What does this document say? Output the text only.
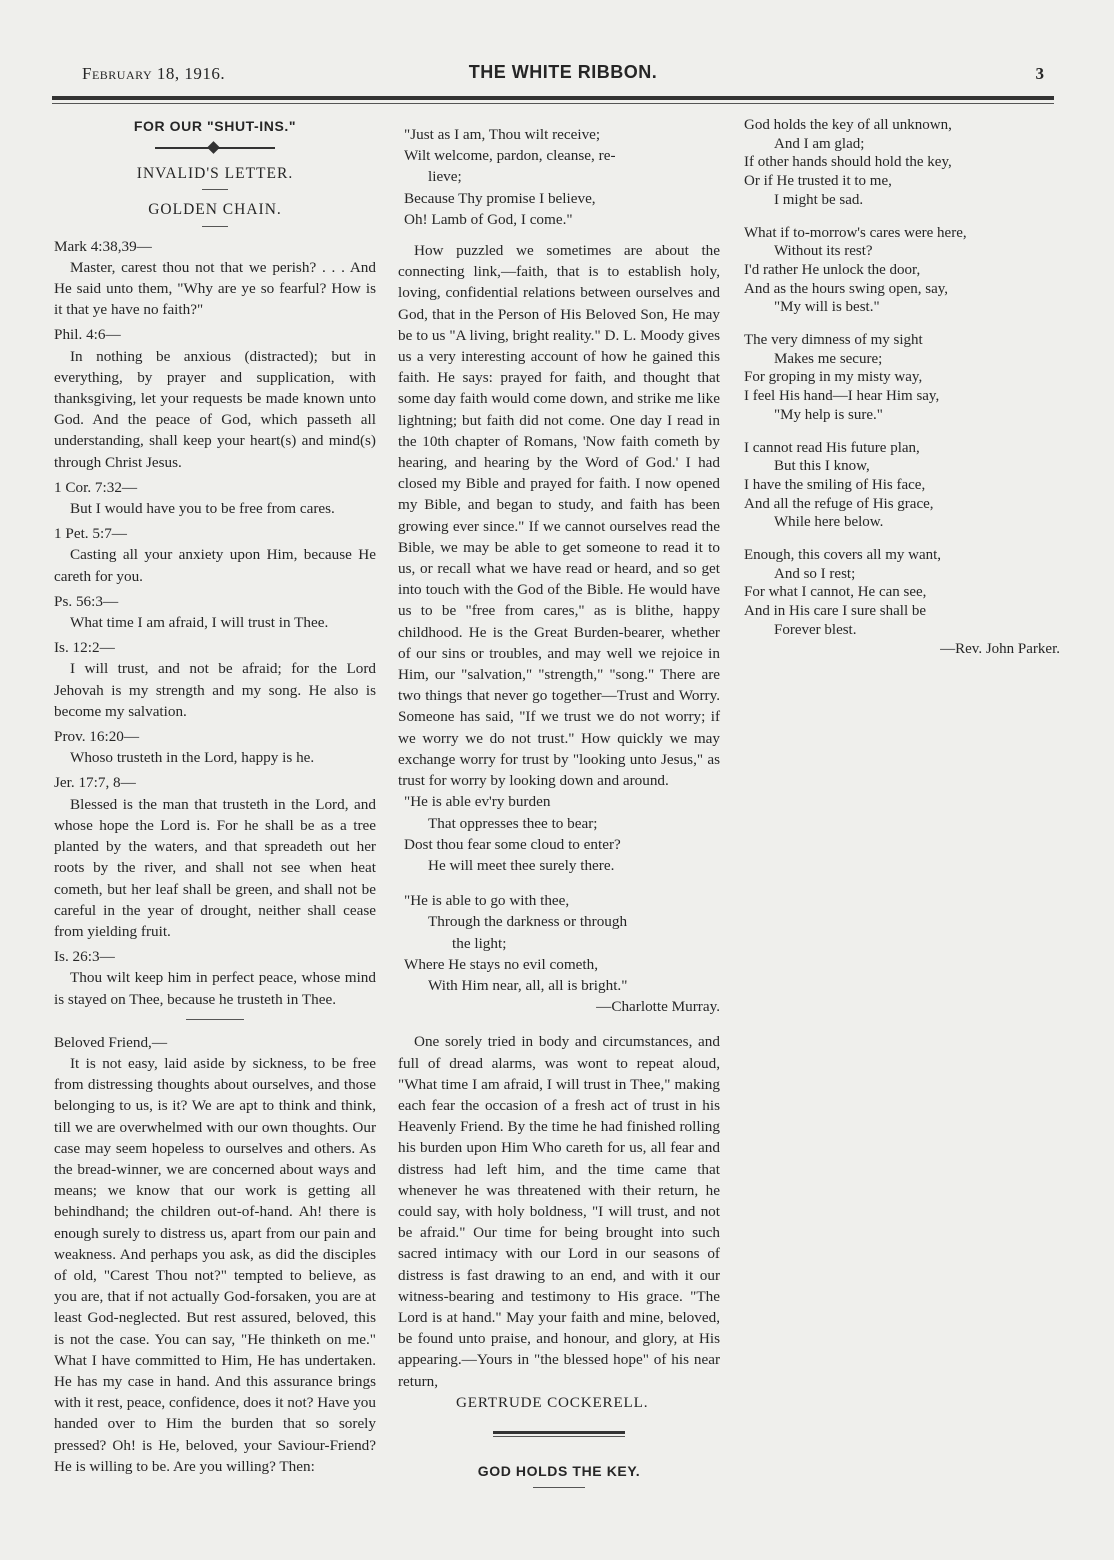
February 18, 1916.	THE WHITE RIBBON.	3
FOR OUR "SHUT-INS."
INVALID'S LETTER.
GOLDEN CHAIN.

Mark 4:38,39—

Master, carest thou not that we perish? . . . And He said unto them, "Why are ye so fearful? How is it that ye have no faith?"

Phil. 4:6—

In nothing be anxious (distracted); but in everything, by prayer and supplication, with thanksgiving, let your requests be made known unto God. And the peace of God, which passeth all understanding, shall keep your heart(s) and mind(s) through Christ Jesus.

1 Cor. 7:32—

But I would have you to be free from cares.

1 Pet. 5:7—

Casting all your anxiety upon Him, because He careth for you.

Ps. 56:3—

What time I am afraid, I will trust in Thee.

Is. 12:2—

I will trust, and not be afraid; for the Lord Jehovah is my strength and my song. He also is become my salvation.

Prov. 16:20—

Whoso trusteth in the Lord, happy is he.

Jer. 17:7, 8—

Blessed is the man that trusteth in the Lord, and whose hope the Lord is. For he shall be as a tree planted by the waters, and that spreadeth out her roots by the river, and shall not see when heat cometh, but her leaf shall be green, and shall not be careful in the year of drought, neither shall cease from yielding fruit.

Is. 26:3—

Thou wilt keep him in perfect peace, whose mind is stayed on Thee, because he trusteth in Thee.

Beloved Friend,—

It is not easy, laid aside by sickness, to be free from distressing thoughts about ourselves, and those belonging to us, is it? We are apt to think and think, till we are overwhelmed with our own thoughts. Our case may seem hopeless to ourselves and others. As the bread-winner, we are concerned about ways and means; we know that our work is getting all behindhand; the children out-of-hand. Ah! there is enough surely to distress us, apart from our pain and weakness. And perhaps you ask, as did the disciples of old, "Carest Thou not?" tempted to believe, as you are, that if not actually God-forsaken, you are at least God-neglected. But rest assured, beloved, this is not the case. You can say, "He thinketh on me." What I have committed to Him, He has undertaken. He has my case in hand. And this assurance brings with it rest, peace, confidence, does it not? Have you handed over to Him the burden that so sorely pressed? Oh! is He, beloved, your Saviour-Friend? He is willing to be. Are you willing? Then:

"Just as I am, Thou wilt receive;
Wilt welcome, pardon, cleanse, re-
lieve;
Because Thy promise I believe,
Oh! Lamb of God, I come."

How puzzled we sometimes are about the connecting link,—faith, that is to establish holy, loving, confidential relations between ourselves and God, that in the Person of His Beloved Son, He may be to us "A living, bright reality." D. L. Moody gives us a very interesting account of how he gained this faith. He says: prayed for faith, and thought that some day faith would come down, and strike me like lightning; but faith did not come. One day I read in the 10th chapter of Romans, 'Now faith cometh by hearing, and hearing by the Word of God.' I had closed my Bible and prayed for faith. I now opened my Bible, and began to study, and faith has been growing ever since." If we cannot ourselves read the Bible, we may be able to get someone to read it to us, or recall what we have read or heard, and so get into touch with the God of the Bible. He would have us to be "free from cares," as is blithe, happy childhood. He is the Great Burden-bearer, whether of our sins or troubles, and may well we rejoice in Him, our "salvation," "strength," "song." There are two things that never go together—Trust and Worry. Someone has said, "If we trust we do not worry; if we worry we do not trust." How quickly we may exchange worry for trust by "looking unto Jesus," as trust for worry by looking down and around.

"He is able ev'ry burden
That oppresses thee to bear;
Dost thou fear some cloud to enter?
He will meet thee surely there.
"He is able to go with thee,
Through the darkness or through
the light;
Where He stays no evil cometh,
With Him near, all, all is bright."
—Charlotte Murray.

One sorely tried in body and circumstances, and full of dread alarms, was wont to repeat aloud, "What time I am afraid, I will trust in Thee," making each fear the occasion of a fresh act of trust in his Heavenly Friend. By the time he had finished rolling his burden upon Him Who careth for us, all fear and distress had left him, and the time came that whenever he was threatened with their return, he could say, with holy boldness, "I will trust, and not be afraid." Our time for being brought into such sacred intimacy with our Lord in our seasons of distress is fast drawing to an end, and with it our witness-bearing and testimony to His grace. "The Lord is at hand." May your faith and mine, beloved, be found unto praise, and honour, and glory, at His appearing.—Yours in "the blessed hope" of his near return,

GERTRUDE COCKERELL.

GOD HOLDS THE KEY.
God holds the key of all unknown,
And I am glad;
If other hands should hold the key,
Or if He trusted it to me,
I might be sad.
What if to-morrow's cares were here,
Without its rest?
I'd rather He unlock the door,
And as the hours swing open, say,
"My will is best."
The very dimness of my sight
Makes me secure;
For groping in my misty way,
I feel His hand—I hear Him say,
"My help is sure."
I cannot read His future plan,
But this I know,
I have the smiling of His face,
And all the refuge of His grace,
While here below.
Enough, this covers all my want,
And so I rest;
For what I cannot, He can see,
And in His care I sure shall be
Forever blest.
—Rev. John Parker.
